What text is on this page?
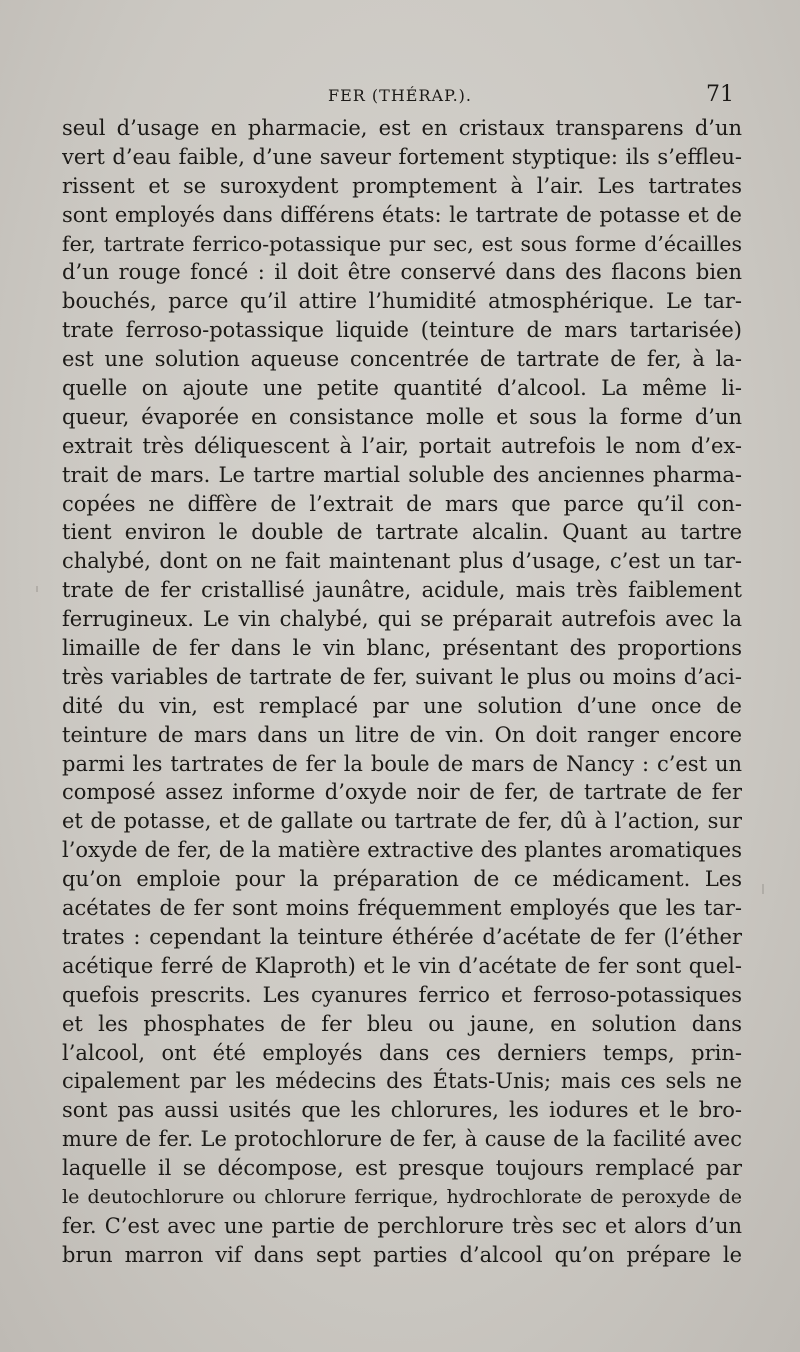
FER (THÉRAP.).	71
seul d’usage en pharmacie, est en cristaux transparens d’un
vert d’eau faible, d’une saveur fortement styptique: ils s’effleu-
rissent et se suroxydent promptement à l’air. Les tartrates
sont employés dans différens états: le tartrate de potasse et de
fer, tartrate ferrico-potassique pur sec, est sous forme d’écailles
d’un rouge foncé : il doit être conservé dans des flacons bien
bouchés, parce qu’il attire l’humidité atmosphérique. Le tar-
trate ferroso-potassique liquide (teinture de mars tartarisée)
est une solution aqueuse concentrée de tartrate de fer, à la-
quelle on ajoute une petite quantité d’alcool. La même li-
queur, évaporée en consistance molle et sous la forme d’un
extrait très déliquescent à l’air, portait autrefois le nom d’ex-
trait de mars. Le tartre martial soluble des anciennes pharma-
copées ne diffère de l’extrait de mars que parce qu’il con-
tient environ le double de tartrate alcalin. Quant au tartre
chalybé, dont on ne fait maintenant plus d’usage, c’est un tar-
trate de fer cristallisé jaunâtre, acidule, mais très faiblement
ferrugineux. Le vin chalybé, qui se préparait autrefois avec la
limaille de fer dans le vin blanc, présentant des proportions
très variables de tartrate de fer, suivant le plus ou moins d’aci-
dité du vin, est remplacé par une solution d’une once de
teinture de mars dans un litre de vin. On doit ranger encore
parmi les tartrates de fer la boule de mars de Nancy : c’est un
composé assez informe d’oxyde noir de fer, de tartrate de fer
et de potasse, et de gallate ou tartrate de fer, dû à l’action, sur
l’oxyde de fer, de la matière extractive des plantes aromatiques
qu’on emploie pour la préparation de ce médicament. Les
acétates de fer sont moins fréquemment employés que les tar-
trates : cependant la teinture éthérée d’acétate de fer (l’éther
acétique ferré de Klaproth) et le vin d’acétate de fer sont quel-
quefois prescrits. Les cyanures ferrico et ferroso-potassiques
et les phosphates de fer bleu ou jaune, en solution dans
l’alcool, ont été employés dans ces derniers temps, prin-
cipalement par les médecins des États-Unis; mais ces sels ne
sont pas aussi usités que les chlorures, les iodures et le bro-
mure de fer. Le protochlorure de fer, à cause de la facilité avec
laquelle il se décompose, est presque toujours remplacé par
le deutochlorure ou chlorure ferrique, hydrochlorate de peroxyde de
fer. C’est avec une partie de perchlorure très sec et alors d’un
brun marron vif dans sept parties d’alcool qu’on prépare le
